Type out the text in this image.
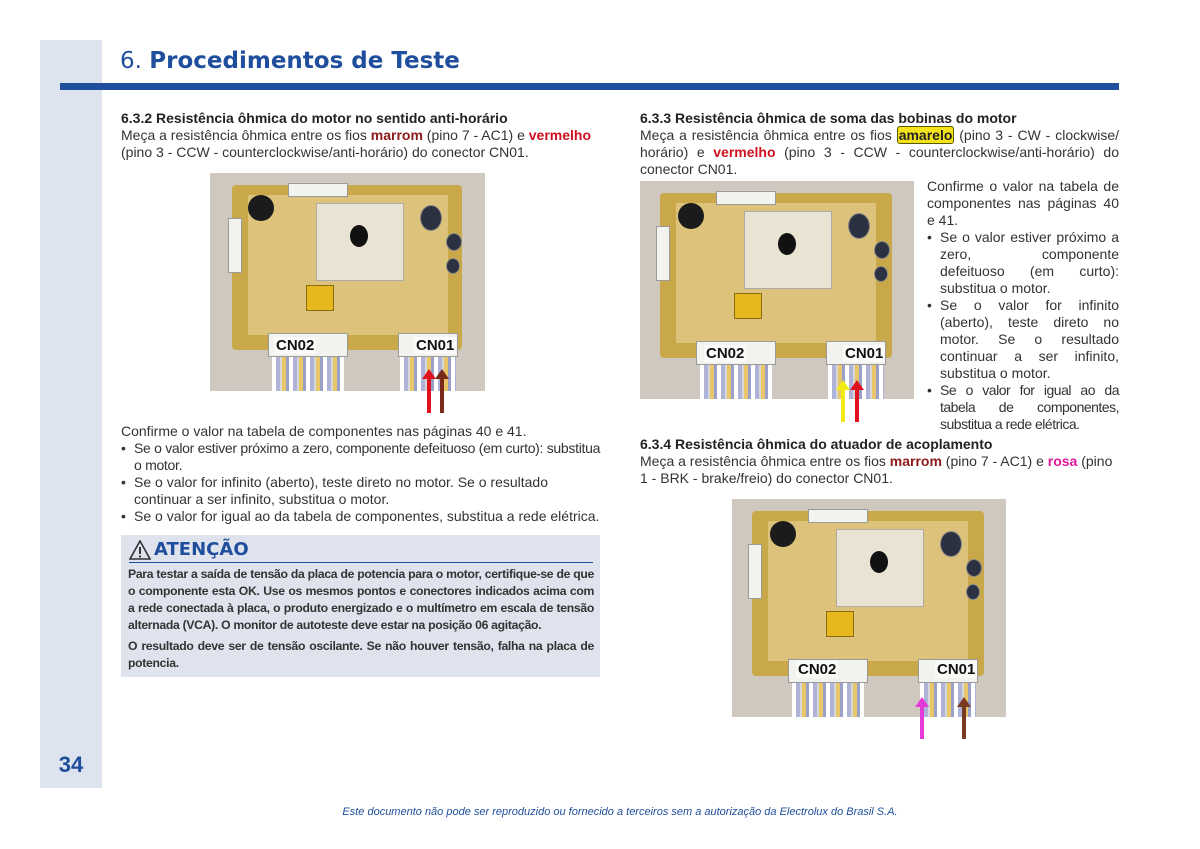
34
6. Procedimentos de Teste
6.3.2 Resistência ôhmica do motor no sentido anti-horário
Meça a resistência ôhmica entre os fios marrom (pino 7 - AC1) e vermelho (pino 3 - CCW - counterclockwise/anti-horário) do conector CN01.
CN02	CN01
Confirme o valor na tabela de componentes nas páginas 40 e 41.
• Se o valor estiver próximo a zero, componente defeituoso (em curto): substitua o motor.
• Se o valor for infinito (aberto), teste direto no motor. Se o resultado continuar a ser infinito, substitua o motor.
• Se o valor for igual ao da tabela de componentes, substitua a rede elétrica.
ATENÇÃO
Para testar a saída de tensão da placa de potencia para o motor, certifique-se de que o componente esta OK. Use os mesmos pontos e conectores indicados acima com a rede conectada à placa, o produto energizado e o multímetro em escala de tensão alternada (VCA). O monitor de autoteste deve estar na posição 06 agitação.
O resultado deve ser de tensão oscilante. Se não houver tensão, falha na placa de potencia.
6.3.3 Resistência ôhmica de soma das bobinas do motor
Meça a resistência ôhmica entre os fios amarelo (pino 3 - CW - clockwise/ horário) e vermelho (pino 3 - CCW - counterclockwise/anti-horário) do conector CN01.
CN02	CN01
Confirme o valor na tabela de componentes nas páginas 40 e 41.
• Se o valor estiver próximo a zero, componente defeituoso (em curto): substitua o motor.
• Se o valor for infinito (aberto), teste direto no motor. Se o resultado continuar a ser infinito, substitua o motor.
• Se o valor for igual ao da tabela de componentes, substitua a rede elétrica.
6.3.4 Resistência ôhmica do atuador de acoplamento
Meça a resistência ôhmica entre os fios marrom (pino 7 - AC1) e rosa (pino 1 - BRK - brake/freio) do conector CN01.
CN02	CN01
Este documento não pode ser reproduzido ou fornecido a terceiros sem a autorização da Electrolux do Brasil S.A.
